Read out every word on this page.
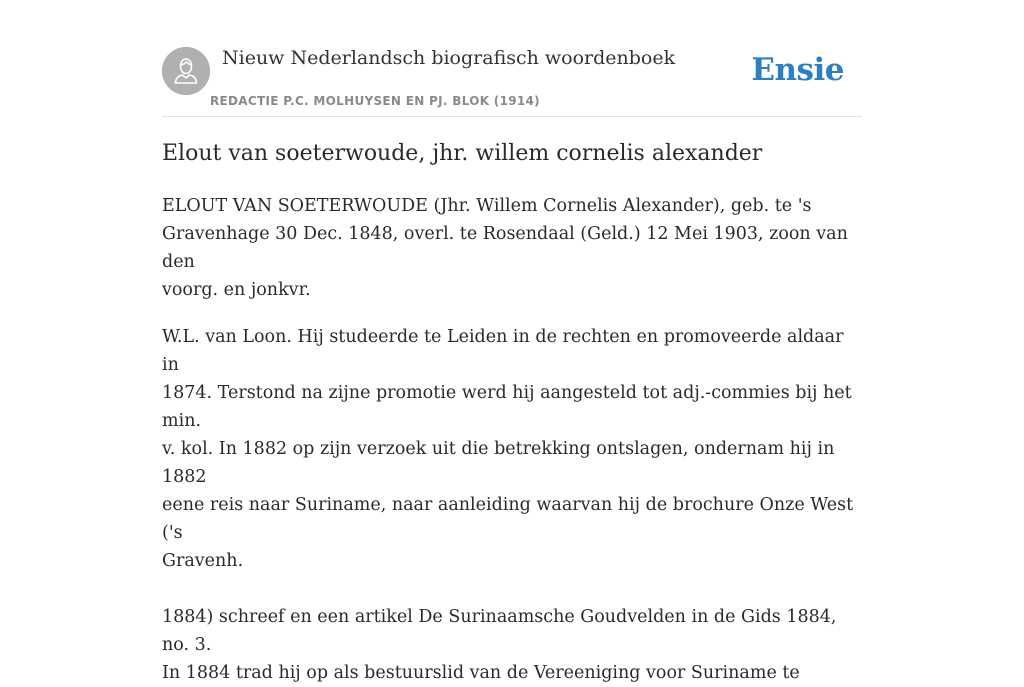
Nieuw Nederlandsch biografisch woordenboek
REDACTIE P.C. MOLHUYSEN EN PJ. BLOK (1914)
Ensie
Elout van soeterwoude, jhr. willem cornelis alexander

ELOUT VAN SOETERWOUDE (Jhr. Willem Cornelis Alexander), geb. te 's
Gravenhage 30 Dec. 1848, overl. te Rosendaal (Geld.) 12 Mei 1903, zoon van den
voorg. en jonkvr.

W.L. van Loon. Hij studeerde te Leiden in de rechten en promoveerde aldaar in
1874. Terstond na zijne promotie werd hij aangesteld tot adj.-commies bij het min.
v. kol. In 1882 op zijn verzoek uit die betrekking ontslagen, ondernam hij in 1882
eene reis naar Suriname, naar aanleiding waarvan hij de brochure Onze West ('s
Gravenh.

1884) schreef en een artikel De Surinaamsche Goudvelden in de Gids 1884, no. 3.
In 1884 trad hij op als bestuurslid van de Vereeniging voor Suriname te
